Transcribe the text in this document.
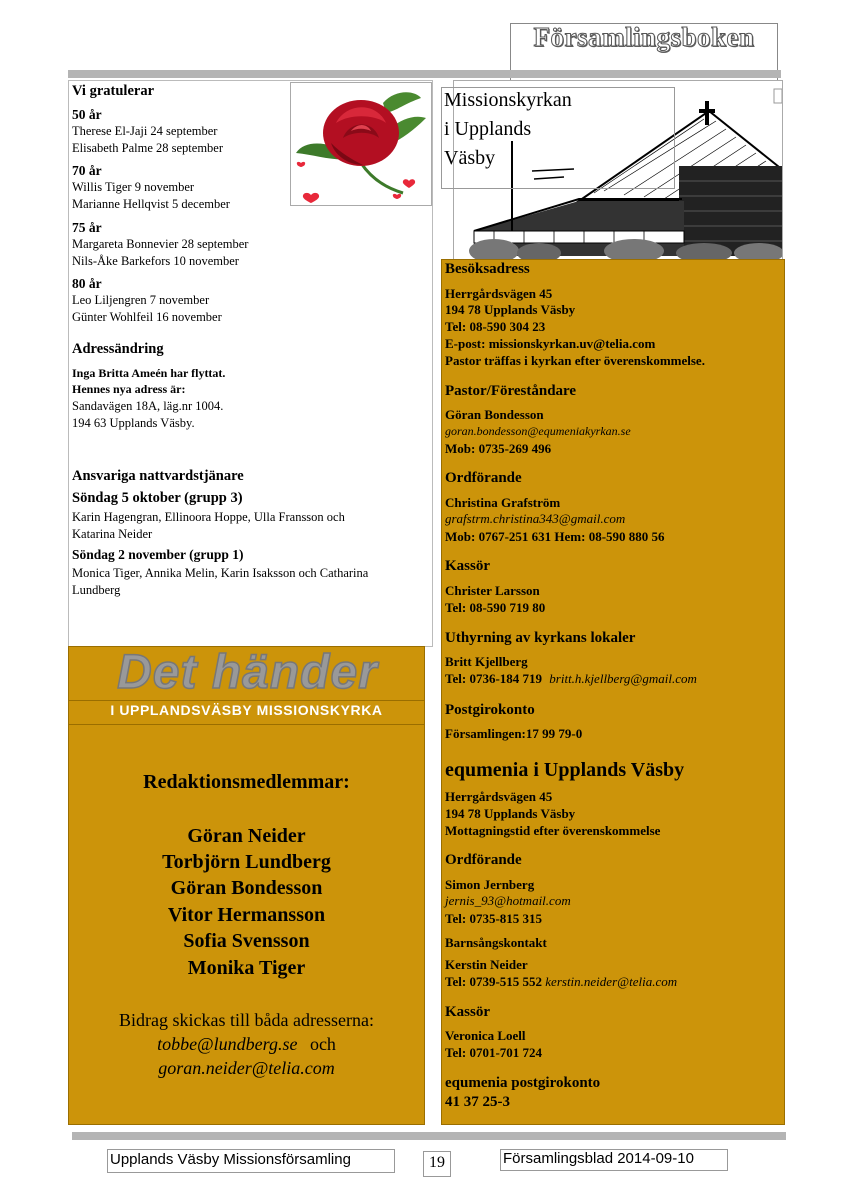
Församlingsboken
Vi gratulerar
50 år
Therese El-Jaji 24 september
Elisabeth Palme 28 september
70 år
Willis Tiger 9 november
Marianne Hellqvist 5 december
75 år
Margareta Bonnevier 28 september
Nils-Åke Barkefors 10 november
80 år
Leo Liljengren 7 november
Günter Wohlfeil 16 november
Adressändring
Inga Britta Ameén har flyttat.
Hennes nya adress är:
Sandavägen 18A, läg.nr 1004.
194 63 Upplands Väsby.
Ansvariga nattvardstjänare
Söndag 5 oktober (grupp 3)
Karin Hagengran, Ellinoora Hoppe, Ulla Fransson och
Katarina Neider
Söndag 2 november (grupp 1)
Monica Tiger, Annika Melin, Karin Isaksson och Catharina
Lundberg
Missionskyrkan
i Upplands
Väsby
Besöksadress
Herrgårdsvägen 45
194 78 Upplands Väsby
Tel: 08-590 304 23
E-post: missionskyrkan.uv@telia.com
Pastor träffas i kyrkan efter överenskommelse.
Pastor/Föreståndare
Göran Bondesson
goran.bondesson@equmeniakyrkan.se
Mob: 0735-269 496
Ordförande
Christina Grafström
grafstrm.christina343@gmail.com
Mob: 0767-251 631 Hem: 08-590 880 56
Kassör
Christer Larsson
Tel: 08-590 719 80
Uthyrning av kyrkans lokaler
Britt Kjellberg
Tel: 0736-184 719 britt.h.kjellberg@gmail.com
Postgirokonto
Församlingen:17 99 79-0
equmenia i Upplands Väsby
Herrgårdsvägen 45
194 78 Upplands Väsby
Mottagningstid efter överenskommelse
Ordförande
Simon Jernberg
jernis_93@hotmail.com
Tel: 0735-815 315
Barnsångskontakt
Kerstin Neider
Tel: 0739-515 552 kerstin.neider@telia.com
Kassör
Veronica Loell
Tel: 0701-701 724
equmenia postgirokonto
41 37 25-3
Det händer
I UPPLANDSVÄSBY MISSIONSKYRKA
Redaktionsmedlemmar:
Göran Neider
Torbjörn Lundberg
Göran Bondesson
Vitor Hermansson
Sofia Svensson
Monika Tiger
Bidrag skickas till båda adresserna:
tobbe@lundberg.se och
goran.neider@telia.com
Upplands Väsby Missionsförsamling	19	Församlingsblad 2014-09-10
